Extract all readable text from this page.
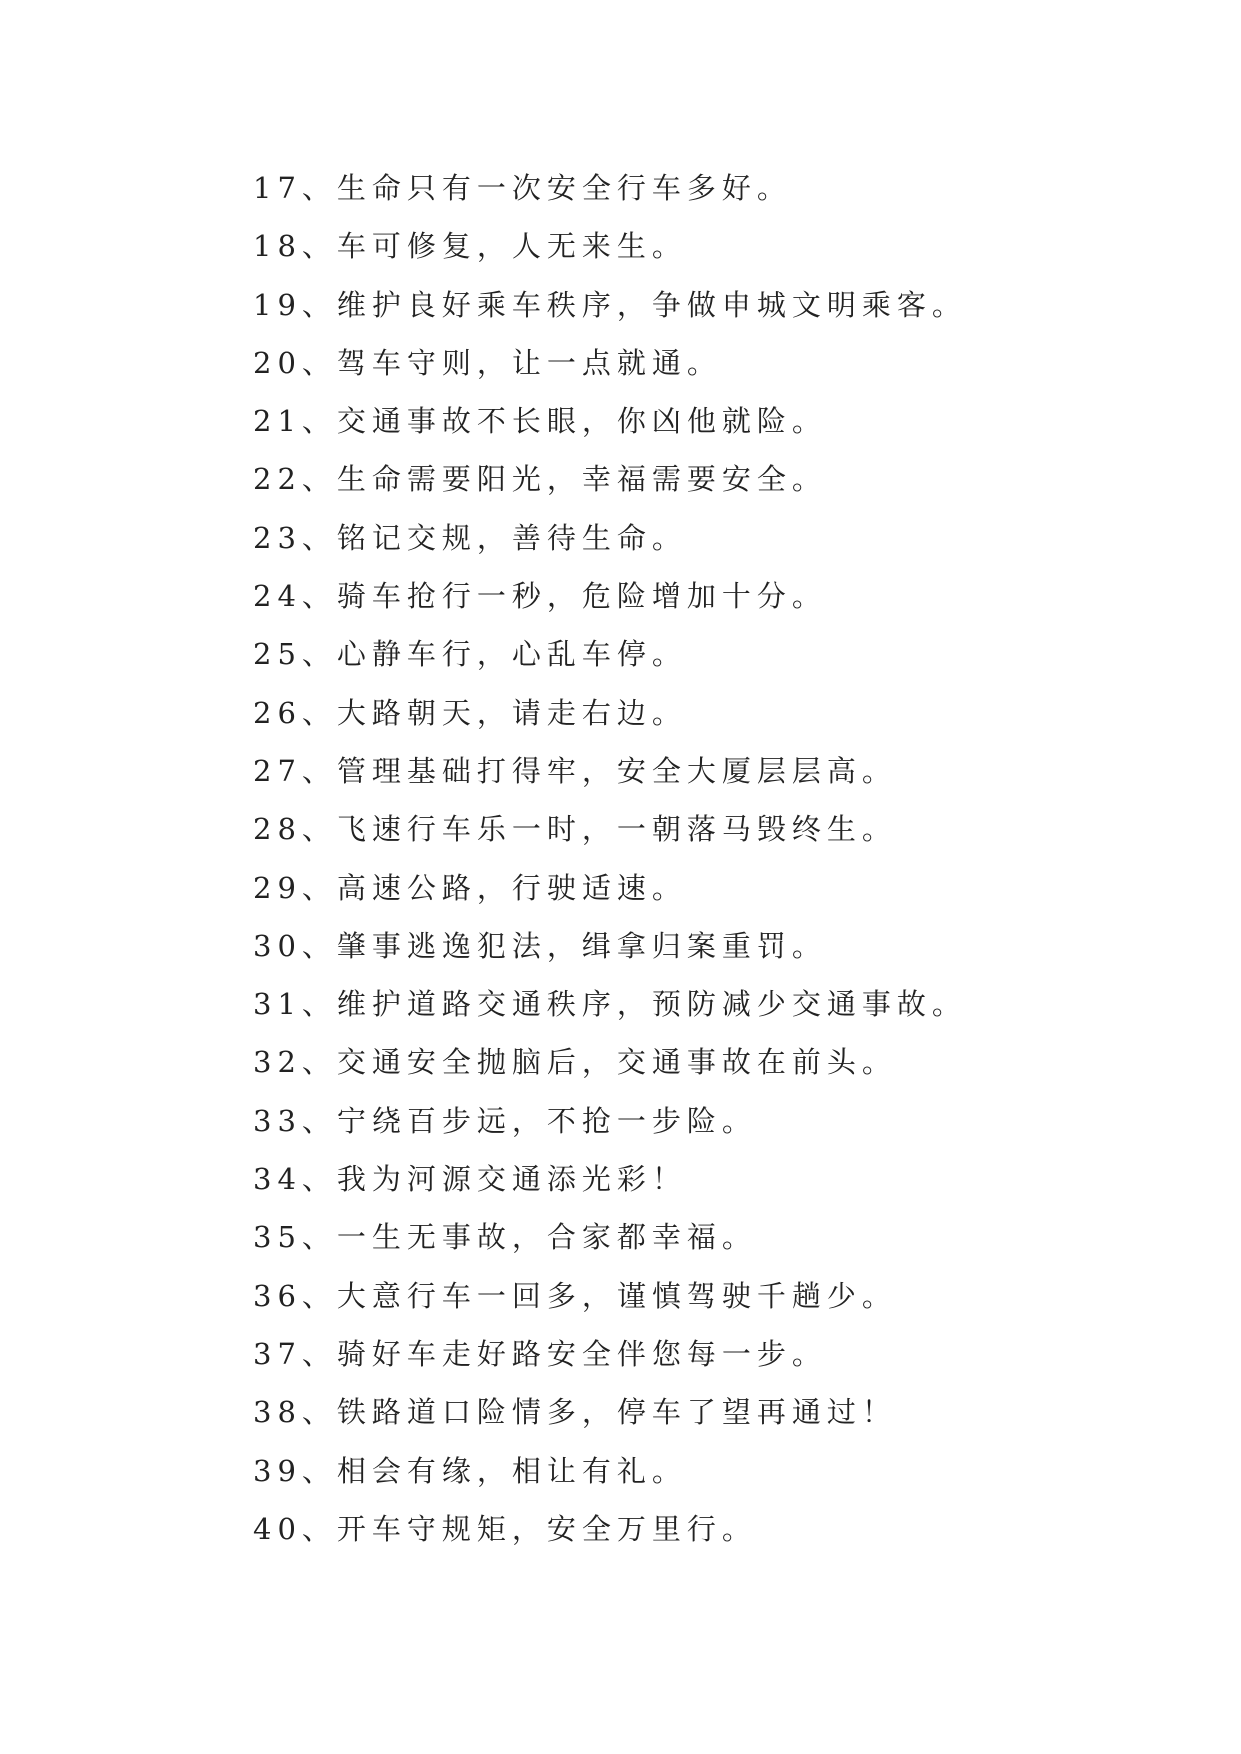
17、生命只有一次安全行车多好。
18、车可修复，人无来生。
19、维护良好乘车秩序，争做申城文明乘客。
20、驾车守则，让一点就通。
21、交通事故不长眼，你凶他就险。
22、生命需要阳光，幸福需要安全。
23、铭记交规，善待生命。
24、骑车抢行一秒，危险增加十分。
25、心静车行，心乱车停。
26、大路朝天，请走右边。
27、管理基础打得牢，安全大厦层层高。
28、飞速行车乐一时，一朝落马毁终生。
29、高速公路，行驶适速。
30、肇事逃逸犯法，缉拿归案重罚。
31、维护道路交通秩序，预防减少交通事故。
32、交通安全抛脑后，交通事故在前头。
33、宁绕百步远，不抢一步险。
34、我为河源交通添光彩！
35、一生无事故，合家都幸福。
36、大意行车一回多，谨慎驾驶千趟少。
37、骑好车走好路安全伴您每一步。
38、铁路道口险情多，停车了望再通过！
39、相会有缘，相让有礼。
40、开车守规矩，安全万里行。
